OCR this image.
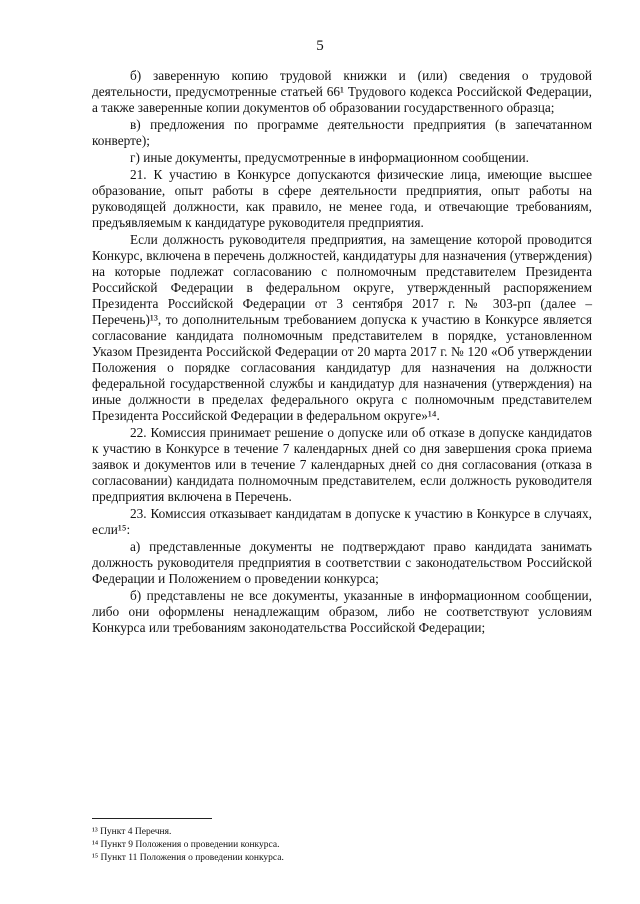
5

б) заверенную копию трудовой книжки и (или) сведения о трудовой деятельности, предусмотренные статьей 66¹ Трудового кодекса Российской Федерации, а также заверенные копии документов об образовании государственного образца;

в) предложения по программе деятельности предприятия (в запечатанном конверте);

г) иные документы, предусмотренные в информационном сообщении.

21. К участию в Конкурсе допускаются физические лица, имеющие высшее образование, опыт работы в сфере деятельности предприятия, опыт работы на руководящей должности, как правило, не менее года, и отвечающие требованиям, предъявляемым к кандидатуре руководителя предприятия.

Если должность руководителя предприятия, на замещение которой проводится Конкурс, включена в перечень должностей, кандидатуры для назначения (утверждения) на которые подлежат согласованию с полномочным представителем Президента Российской Федерации в федеральном округе, утвержденный распоряжением Президента Российской Федерации от 3 сентября 2017 г. № 303-рп (далее – Перечень)¹³, то дополнительным требованием допуска к участию в Конкурсе является согласование кандидата полномочным представителем в порядке, установленном Указом Президента Российской Федерации от 20 марта 2017 г. № 120 «Об утверждении Положения о порядке согласования кандидатур для назначения на должности федеральной государственной службы и кандидатур для назначения (утверждения) на иные должности в пределах федерального округа с полномочным представителем Президента Российской Федерации в федеральном округе»¹⁴.

22. Комиссия принимает решение о допуске или об отказе в допуске кандидатов к участию в Конкурсе в течение 7 календарных дней со дня завершения срока приема заявок и документов или в течение 7 календарных дней со дня согласования (отказа в согласовании) кандидата полномочным представителем, если должность руководителя предприятия включена в Перечень.

23. Комиссия отказывает кандидатам в допуске к участию в Конкурсе в случаях, если¹⁵:

а) представленные документы не подтверждают право кандидата занимать должность руководителя предприятия в соответствии с законодательством Российской Федерации и Положением о проведении конкурса;

б) представлены не все документы, указанные в информационном сообщении, либо они оформлены ненадлежащим образом, либо не соответствуют условиям Конкурса или требованиям законодательства Российской Федерации;

¹³ Пункт 4 Перечня.
¹⁴ Пункт 9 Положения о проведении конкурса.
¹⁵ Пункт 11 Положения о проведении конкурса.
